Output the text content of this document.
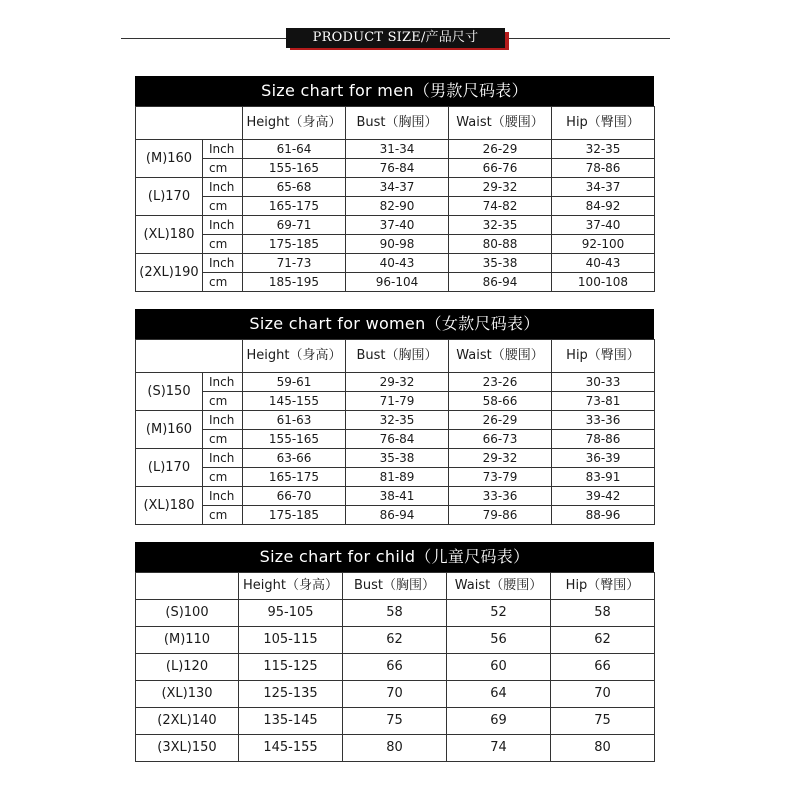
PRODUCT SIZE/产品尺寸
Size chart for men（男款尺码表）
		Height（身高）	Bust（胸围）	Waist（腰围）	Hip（臀围）
(M)160	Inch	61-64	31-34	26-29	32-35
	cm	155-165	76-84	66-76	78-86
(L)170	Inch	65-68	34-37	29-32	34-37
	cm	165-175	82-90	74-82	84-92
(XL)180	Inch	69-71	37-40	32-35	37-40
	cm	175-185	90-98	80-88	92-100
(2XL)190	Inch	71-73	40-43	35-38	40-43
	cm	185-195	96-104	86-94	100-108
Size chart for women（女款尺码表）
		Height（身高）	Bust（胸围）	Waist（腰围）	Hip（臀围）
(S)150	Inch	59-61	29-32	23-26	30-33
	cm	145-155	71-79	58-66	73-81
(M)160	Inch	61-63	32-35	26-29	33-36
	cm	155-165	76-84	66-73	78-86
(L)170	Inch	63-66	35-38	29-32	36-39
	cm	165-175	81-89	73-79	83-91
(XL)180	Inch	66-70	38-41	33-36	39-42
	cm	175-185	86-94	79-86	88-96
Size chart for child（儿童尺码表）
	Height（身高）	Bust（胸围）	Waist（腰围）	Hip（臀围）
(S)100	95-105	58	52	58
(M)110	105-115	62	56	62
(L)120	115-125	66	60	66
(XL)130	125-135	70	64	70
(2XL)140	135-145	75	69	75
(3XL)150	145-155	80	74	80
